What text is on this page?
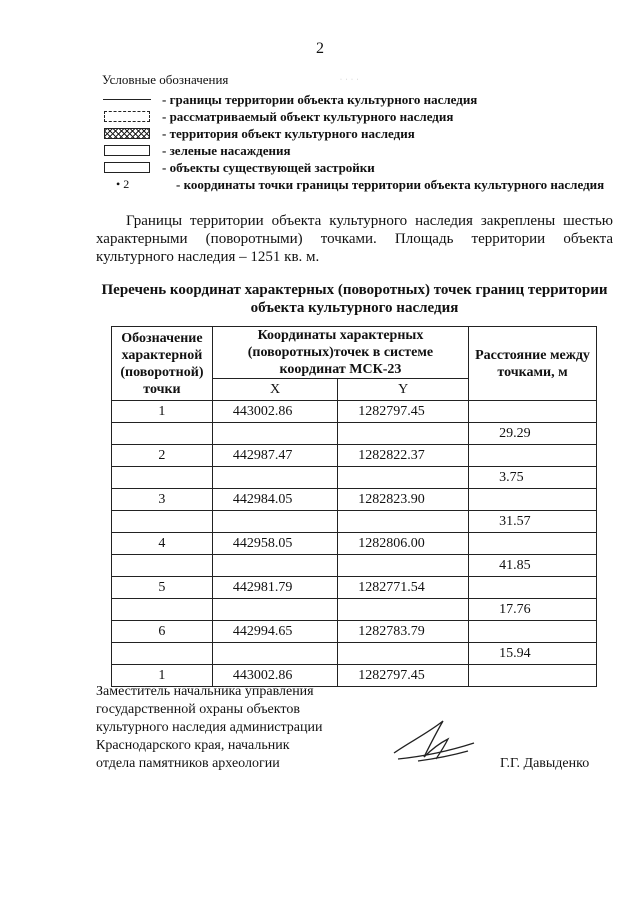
2
· · · ·
Условные обозначения
- границы территории объекта культурного наследия
- рассматриваемый объект культурного наследия
- территория объект культурного наследия
- зеленые насаждения
- объекты существующей застройки
• 2	- координаты точки границы территории объекта культурного наследия
Границы территории объекта культурного наследия закреплены шестью характерными (поворотными) точками. Площадь территории объекта культурного наследия – 1251 кв. м.
Перечень координат характерных (поворотных) точек границ территории объекта культурного наследия
Обозначение характерной (поворотной) точки	Координаты характерных (поворотных)точек в системе координат МСК-23		Расстояние между точками, м
	X	Y	
1	443002.86	1282797.45	
			29.29
2	442987.47	1282822.37	
			3.75
3	442984.05	1282823.90	
			31.57
4	442958.05	1282806.00	
			41.85
5	442981.79	1282771.54	
			17.76
6	442994.65	1282783.79	
			15.94
1	443002.86	1282797.45	
Заместитель начальника управления
государственной охраны объектов
культурного наследия администрации
Краснодарского края, начальник
отдела памятников археологии	Г.Г. Давыденко
